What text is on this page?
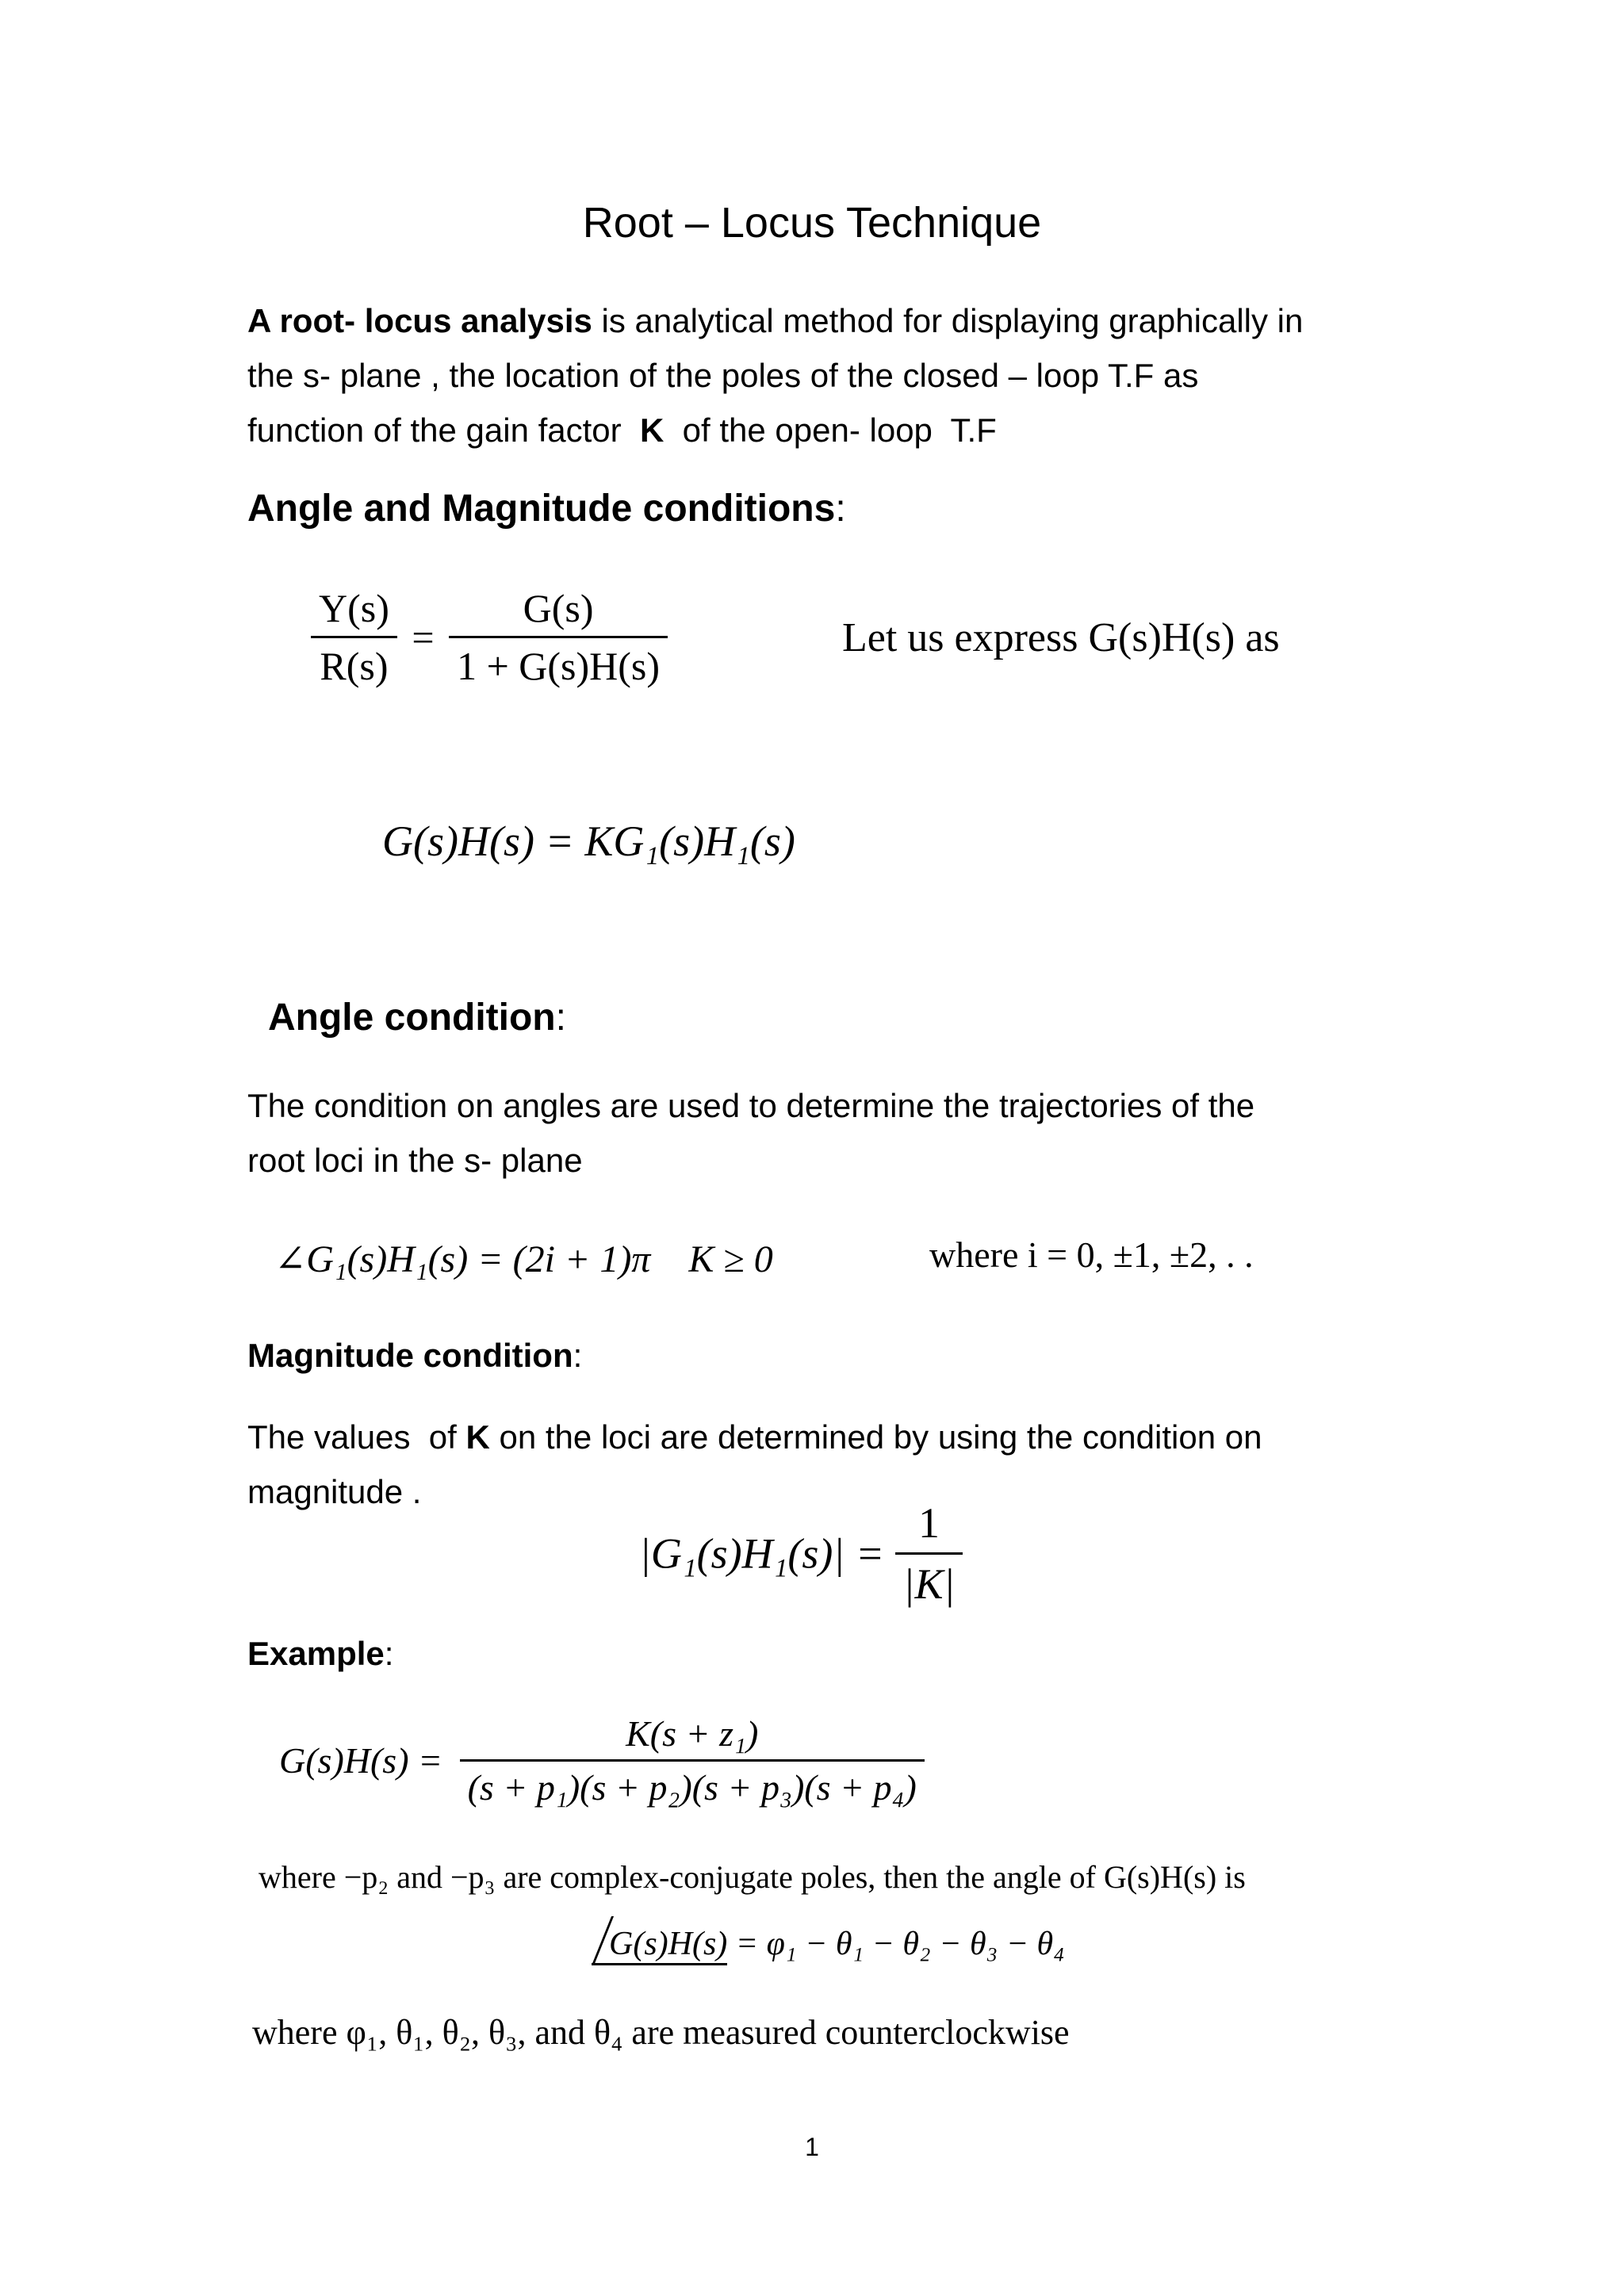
Root – Locus Technique
A root- locus analysis is analytical method for displaying graphically in
the s- plane , the location of the poles of the closed – loop T.F as
function of the gain factor  K  of the open- loop  T.F
Angle and Magnitude conditions:
$\frac{Y(s)}{R(s)} = \frac{G(s)}{1 + G(s)H(s)}$	Let us express G(s)H(s) as
G(s)H(s) = KG₁(s)H₁(s)
Angle condition:
The condition on angles are used to determine the trajectories of the
root loci in the s- plane
∠G₁(s)H₁(s) = (2i + 1)π    K ≥ 0	where i = 0, ±1, ±2, . .
Magnitude condition:
The values  of K on the loci are determined by using the condition on
magnitude .
$|G_1(s)H_1(s)| = \frac{1}{|K|}$
Example:
$G(s)H(s) = \frac{\text{K(s + z₁)}}{\text{(s + p₁)(s + p₂)(s + p₃)(s + p₄)}}$
where −p₂ and −p₃ are complex-conjugate poles, then the angle of G(s)H(s) is
G(s)H(s) = φ₁ − θ₁ − θ₂ − θ₃ − θ₄
where φ₁, θ₁, θ₂, θ₃, and θ₄ are measured counterclockwise
1
